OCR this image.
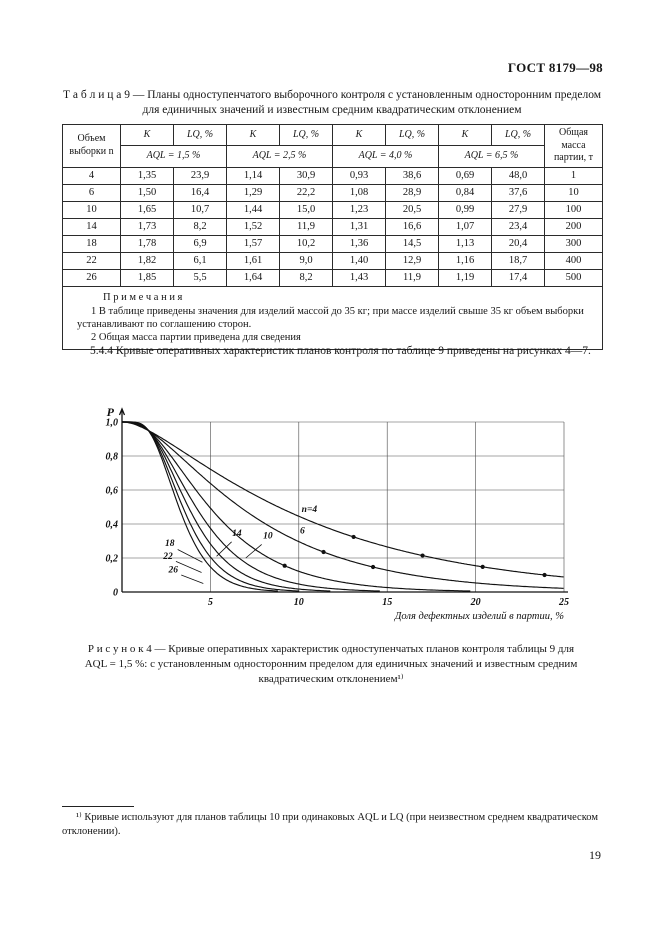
ГОСТ 8179—98
Т а б л и ц а 9 — Планы одноступенчатого выборочного контроля с установленным односторонним пределом для единичных значений и известным средним квадратическим отклонением
Объем выборки n	K	LQ, %	K	LQ, %	K	LQ, %	K	LQ, %	Общая масса партии, т
	AQL = 1,5 %		AQL = 2,5 %		AQL = 4,0 %		AQL = 6,5 %		
4	1,35	23,9	1,14	30,9	0,93	38,6	0,69	48,0	1
6	1,50	16,4	1,29	22,2	1,08	28,9	0,84	37,6	10
10	1,65	10,7	1,44	15,0	1,23	20,5	0,99	27,9	100
14	1,73	8,2	1,52	11,9	1,31	16,6	1,07	23,4	200
18	1,78	6,9	1,57	10,2	1,36	14,5	1,13	20,4	300
22	1,82	6,1	1,61	9,0	1,40	12,9	1,16	18,7	400
26	1,85	5,5	1,64	8,2	1,43	11,9	1,19	17,4	500

П р и м е ч а н и я
1 В таблице приведены значения для изделий массой до 35 кг; при массе изделий свыше 35 кг объем выборки устанавливают по соглашению сторон.
2 Общая масса партии приведена для сведения									
5.4.4 Кривые оперативных характеристик планов контроля по таблице 9 приведены на рисунках 4—7.
1,0
0,8
0,6
0,4
0,2
0
5	10	15	20	25
P
Доля дефектных изделий в партии, %
n=4
6
10
14
18
22
26
Р и с у н о к 4 — Кривые оперативных характеристик одноступенчатых планов контроля таблицы 9 для AQL = 1,5 %: с установленным односторонним пределом для единичных значений и известным средним квадратическим отклонением¹⁾
¹⁾ Кривые используют для планов таблицы 10 при одинаковых AQL и LQ (при неизвестном среднем квадратическом отклонении).
19
